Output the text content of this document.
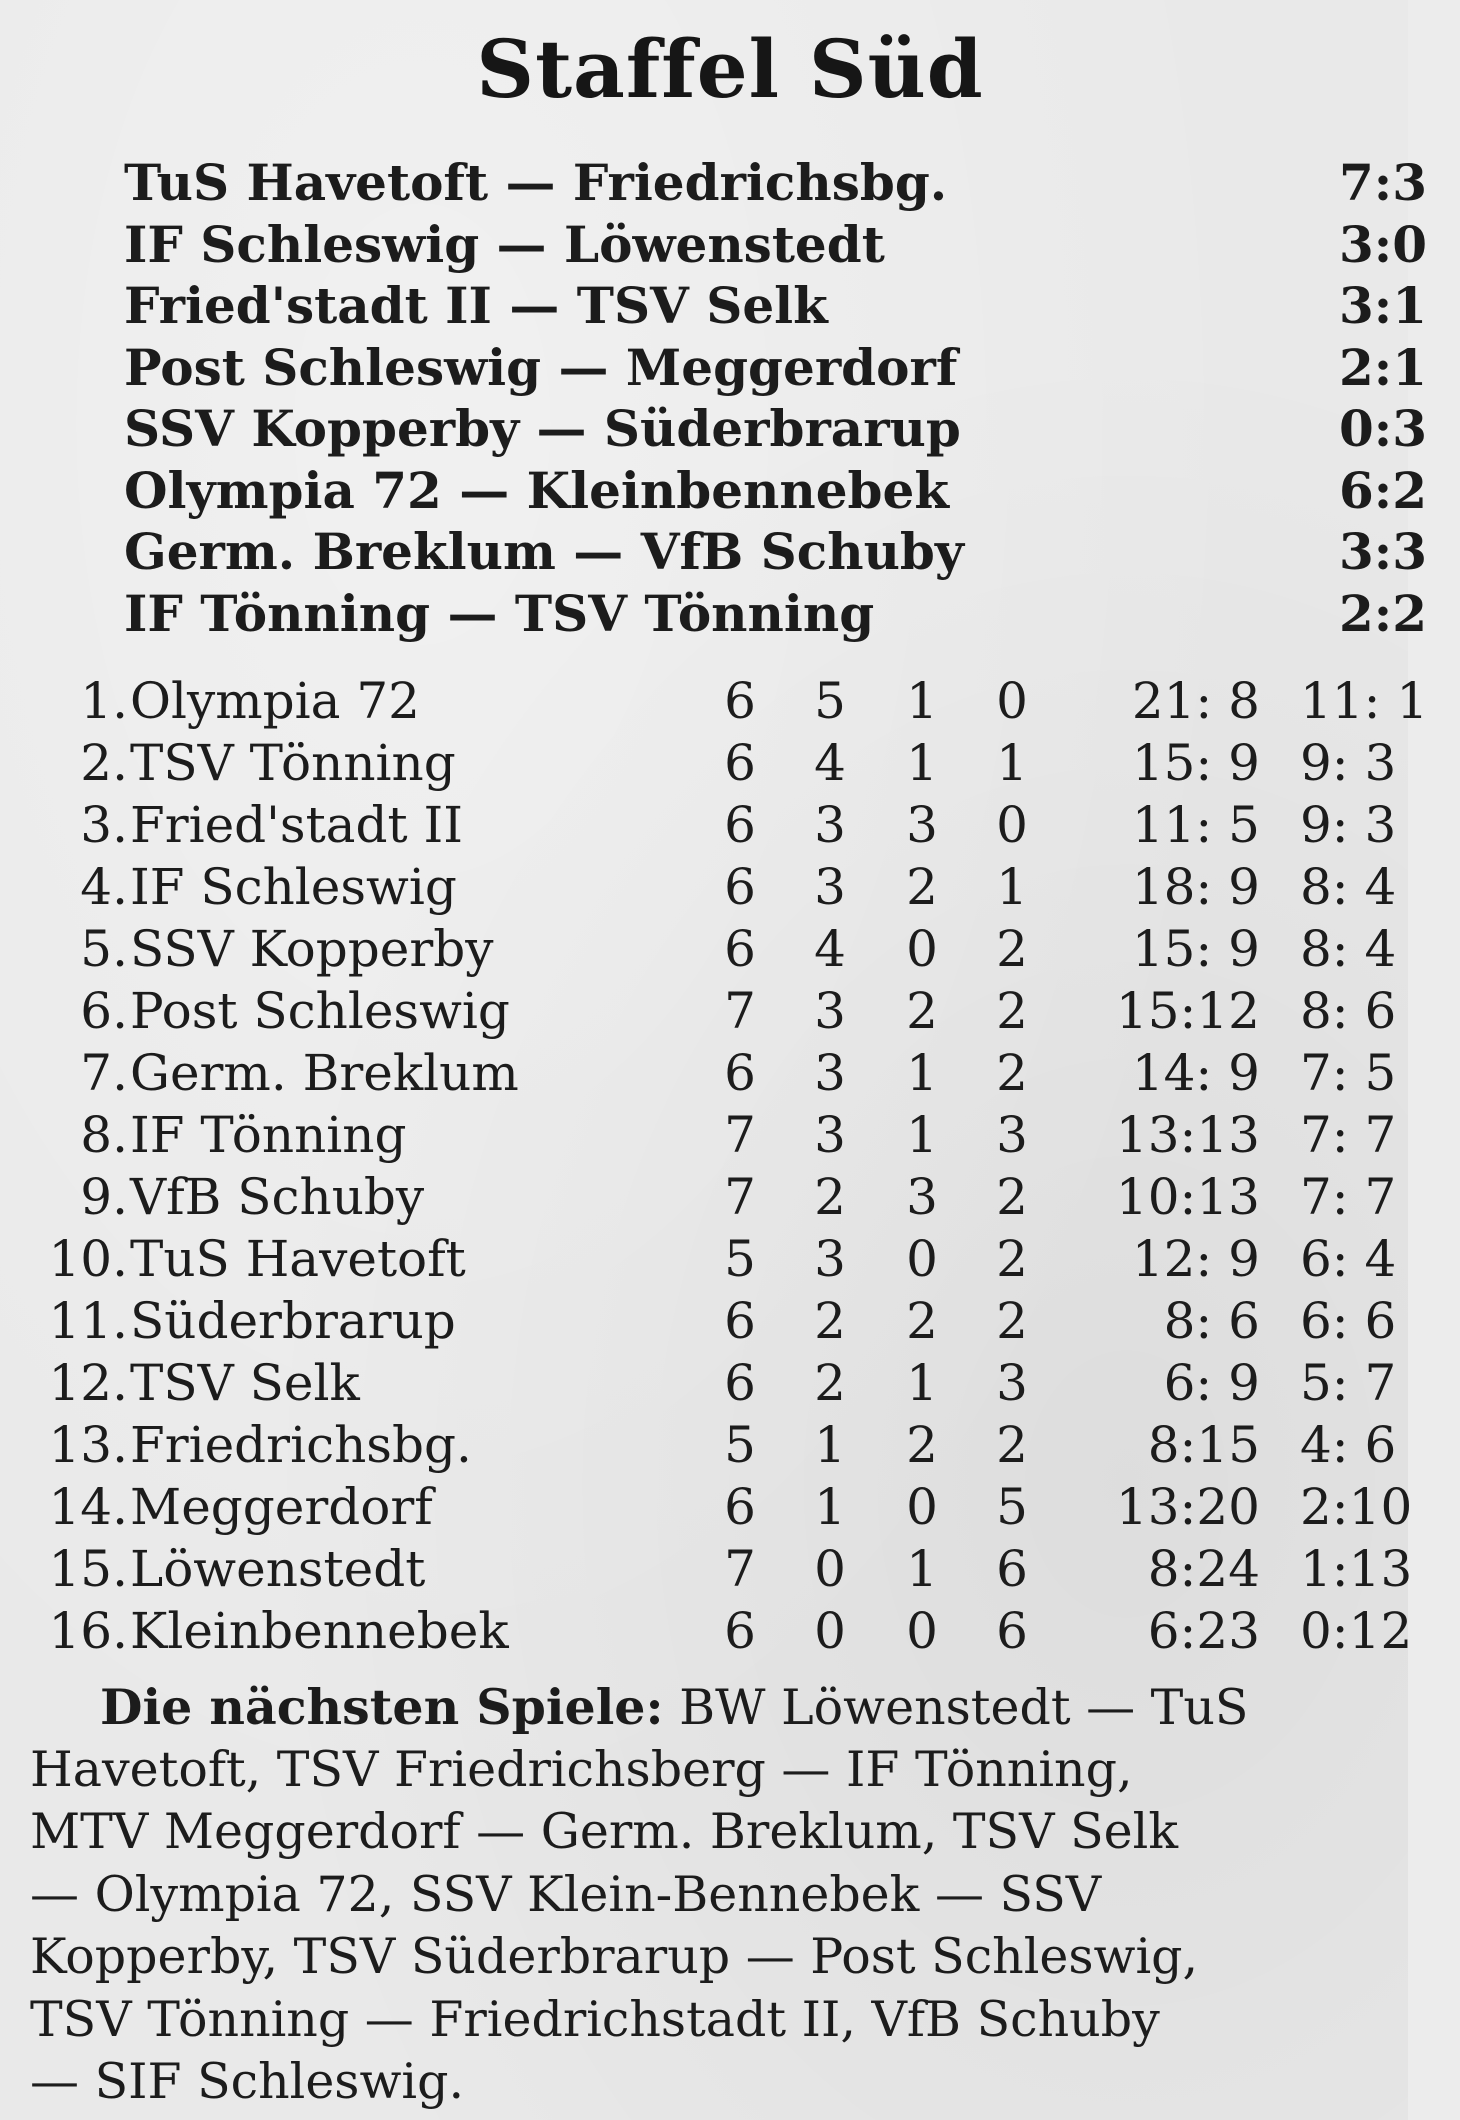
Staffel Süd
TuS Havetoft — Friedrichsbg.	7:3
IF Schleswig — Löwenstedt	3:0
Fried'stadt II — TSV Selk	3:1
Post Schleswig — Meggerdorf	2:1
SSV Kopperby — Süderbrarup	0:3
Olympia 72 — Kleinbennebek	6:2
Germ. Breklum — VfB Schuby	3:3
IF Tönning — TSV Tönning	2:2
1. Olympia 72	6 5 1 0	21: 8 11: 1
2. TSV Tönning	6 4 1 1	15: 9 9: 3
3. Fried'stadt II	6 3 3 0	11: 5 9: 3
4. IF Schleswig	6 3 2 1	18: 9 8: 4
5. SSV Kopperby	6 4 0 2	15: 9 8: 4
6. Post Schleswig	7 3 2 2	15:12 8: 6
7. Germ. Breklum	6 3 1 2	14: 9 7: 5
8. IF Tönning	7 3 1 3	13:13 7: 7
9. VfB Schuby	7 2 3 2	10:13 7: 7
10. TuS Havetoft	5 3 0 2	12: 9 6: 4
11. Süderbrarup	6 2 2 2	8: 6 6: 6
12. TSV Selk	6 2 1 3	6: 9 5: 7
13. Friedrichsbg.	5 1 2 2	8:15 4: 6
14. Meggerdorf	6 1 0 5	13:20 2:10
15. Löwenstedt	7 0 1 6	8:24 1:13
16. Kleinbennebek	6 0 0 6	6:23 0:12
Die nächsten Spiele: BW Löwenstedt — TuS
Havetoft, TSV Friedrichsberg — IF Tönning,
MTV Meggerdorf — Germ. Breklum, TSV Selk
— Olympia 72, SSV Klein-Bennebek — SSV
Kopperby, TSV Süderbrarup — Post Schleswig,
TSV Tönning — Friedrichstadt II, VfB Schuby
— SIF Schleswig.
